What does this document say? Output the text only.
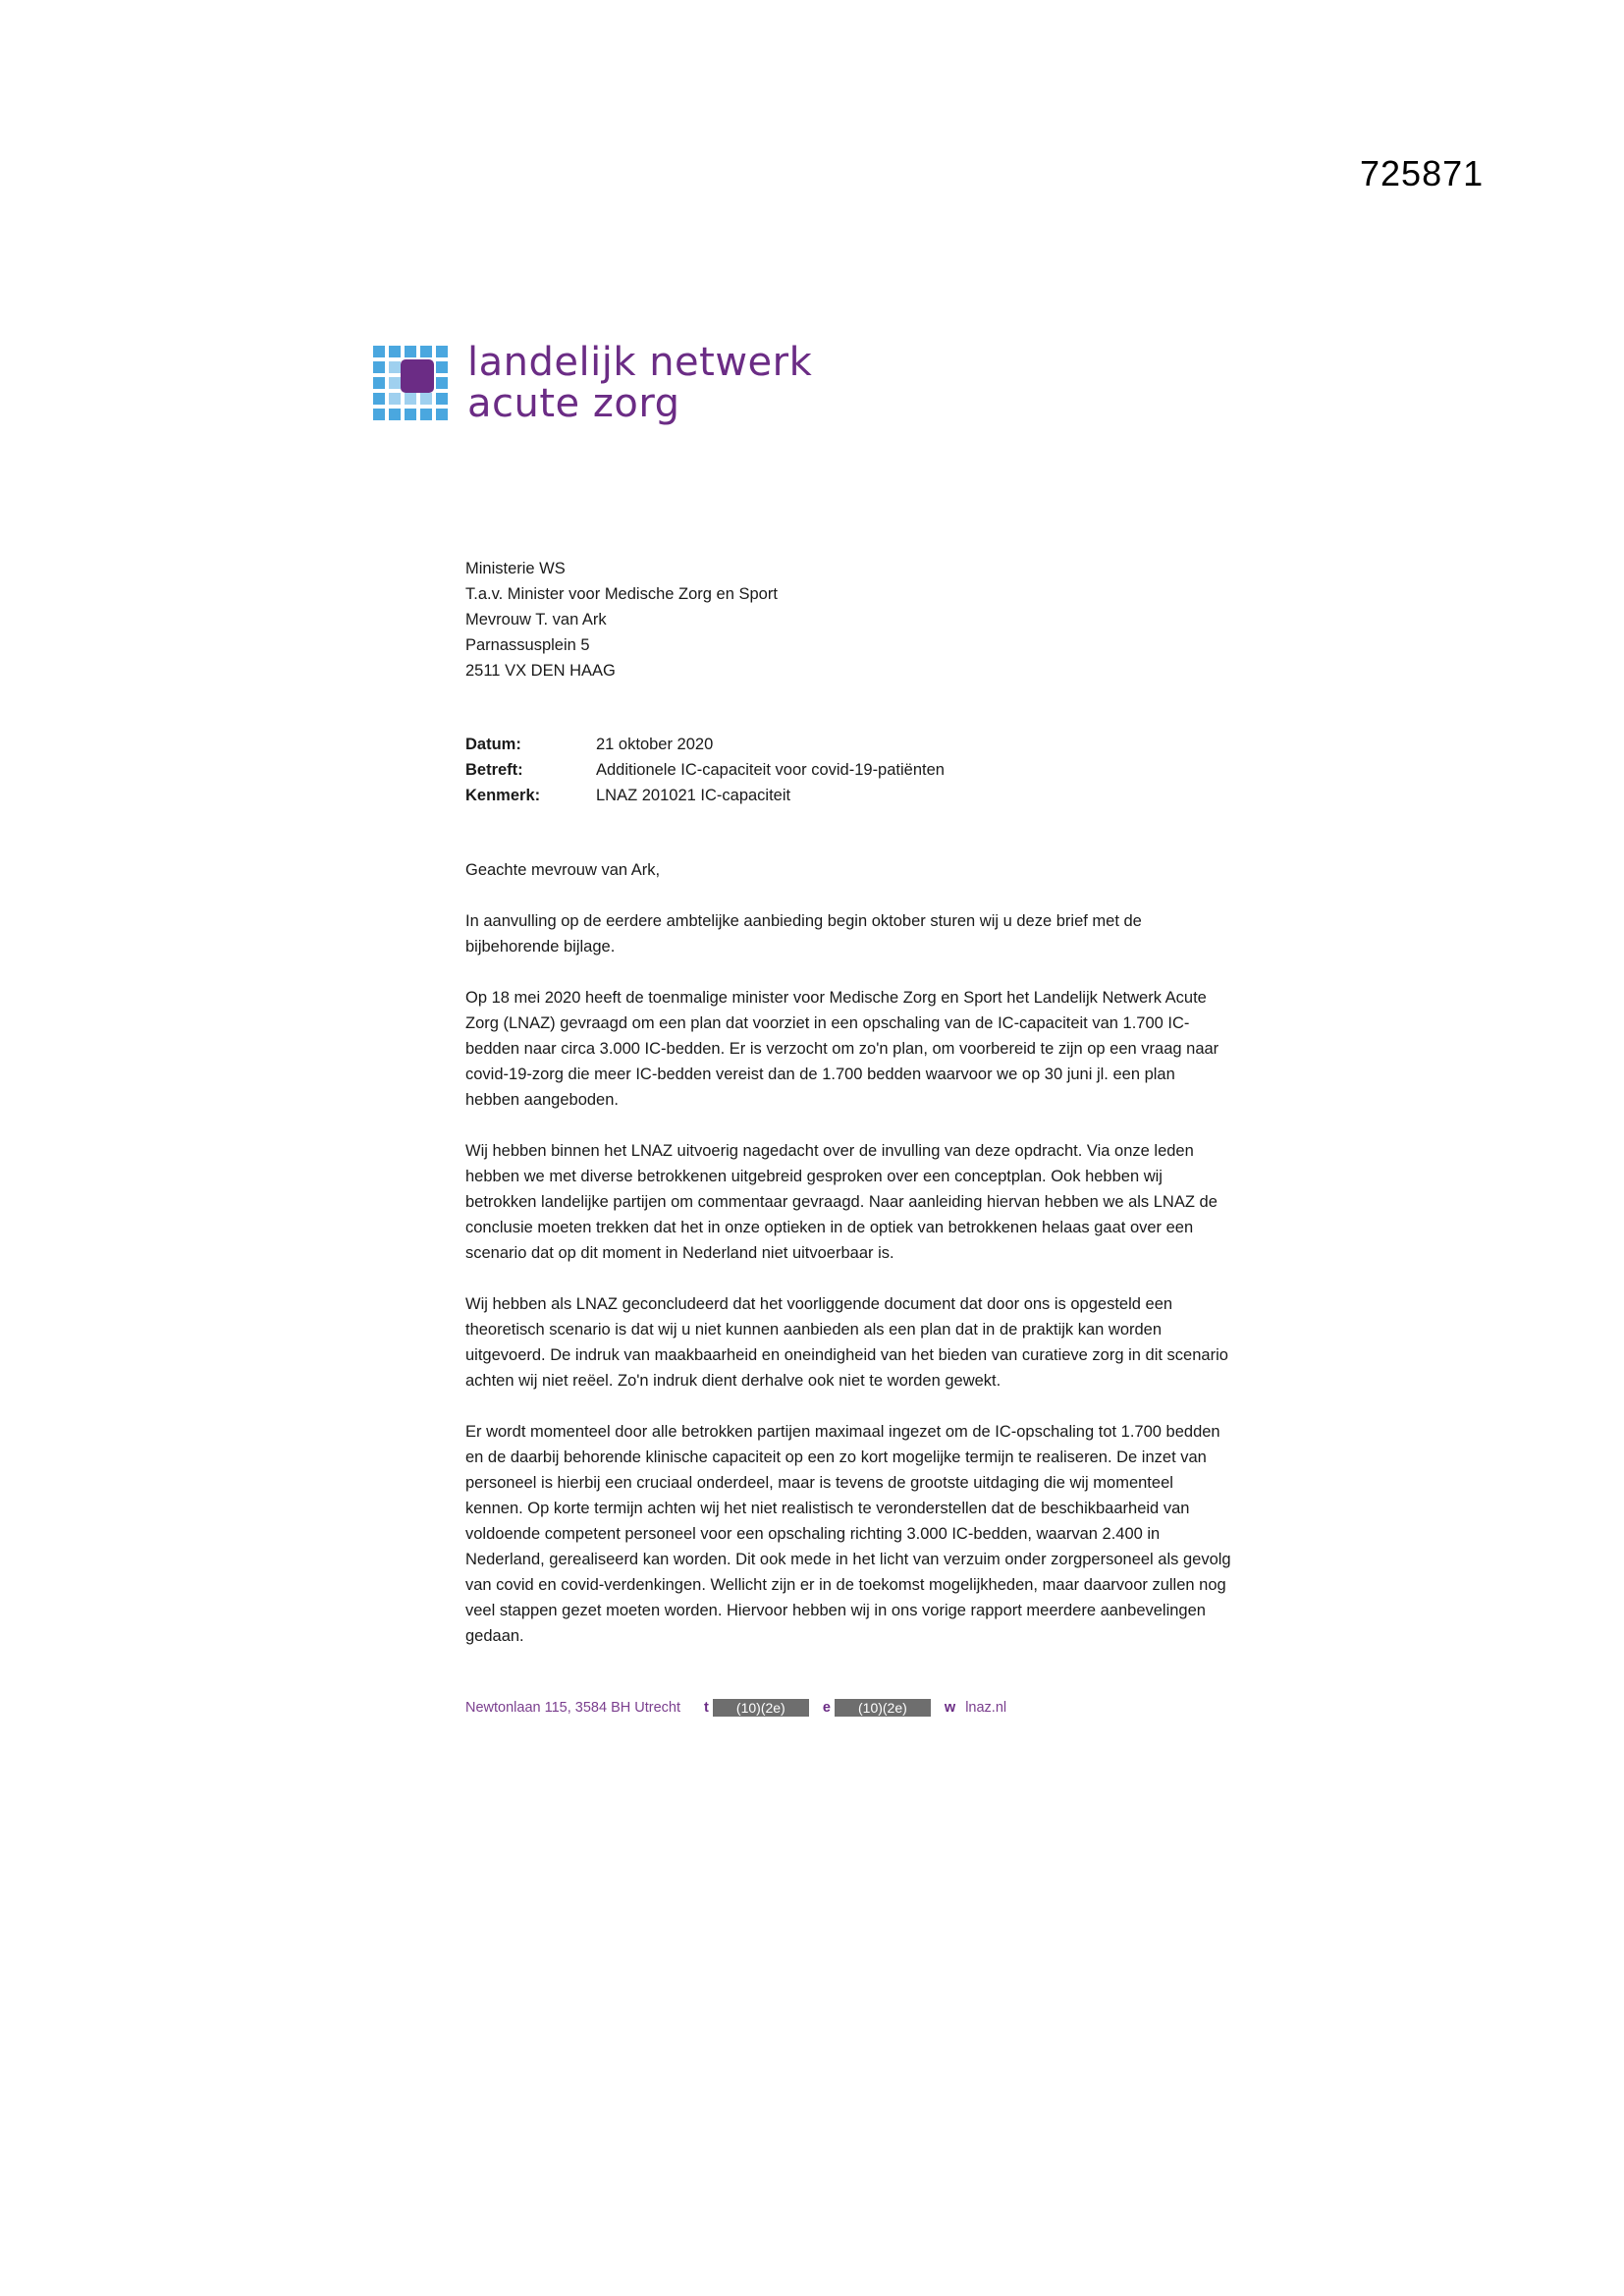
725871
landelijk netwerk
acute zorg
Ministerie WS
T.a.v. Minister voor Medische Zorg en Sport
Mevrouw T. van Ark
Parnassusplein 5
2511 VX DEN HAAG
Datum:	21 oktober 2020
Betreft:	Additionele IC-capaciteit voor covid-19-patiënten
Kenmerk:	LNAZ 201021 IC-capaciteit
Geachte mevrouw van Ark,
In aanvulling op de eerdere ambtelijke aanbieding begin oktober sturen wij u deze brief met de bijbehorende bijlage.
Op 18 mei 2020 heeft de toenmalige minister voor Medische Zorg en Sport het Landelijk Netwerk Acute Zorg (LNAZ) gevraagd om een plan dat voorziet in een opschaling van de IC-capaciteit van 1.700 IC-bedden naar circa 3.000 IC-bedden. Er is verzocht om zo'n plan, om voorbereid te zijn op een vraag naar covid-19-zorg die meer IC-bedden vereist dan de 1.700 bedden waarvoor we op 30 juni jl. een plan hebben aangeboden.
Wij hebben binnen het LNAZ uitvoerig nagedacht over de invulling van deze opdracht. Via onze leden hebben we met diverse betrokkenen uitgebreid gesproken over een conceptplan. Ook hebben wij betrokken landelijke partijen om commentaar gevraagd. Naar aanleiding hiervan hebben we als LNAZ de conclusie moeten trekken dat het in onze optieken in de optiek van betrokkenen helaas gaat over een scenario dat op dit moment in Nederland niet uitvoerbaar is.
Wij hebben als LNAZ geconcludeerd dat het voorliggende document dat door ons is opgesteld een theoretisch scenario is dat wij u niet kunnen aanbieden als een plan dat in de praktijk kan worden uitgevoerd. De indruk van maakbaarheid en oneindigheid van het bieden van curatieve zorg in dit scenario achten wij niet reëel. Zo'n indruk dient derhalve ook niet te worden gewekt.
Er wordt momenteel door alle betrokken partijen maximaal ingezet om de IC-opschaling tot 1.700 bedden en de daarbij behorende klinische capaciteit op een zo kort mogelijke termijn te realiseren. De inzet van personeel is hierbij een cruciaal onderdeel, maar is tevens de grootste uitdaging die wij momenteel kennen. Op korte termijn achten wij het niet realistisch te veronderstellen dat de beschikbaarheid van voldoende competent personeel voor een opschaling richting 3.000 IC-bedden, waarvan 2.400 in Nederland, gerealiseerd kan worden. Dit ook mede in het licht van verzuim onder zorgpersoneel als gevolg van covid en covid-verdenkingen. Wellicht zijn er in de toekomst mogelijkheden, maar daarvoor zullen nog veel stappen gezet moeten worden. Hiervoor hebben wij in ons vorige rapport meerdere aanbevelingen gedaan.
Newtonlaan 115, 3584 BH Utrecht t	(10)(2e)	e	(10)(2e)	w lnaz.nl
